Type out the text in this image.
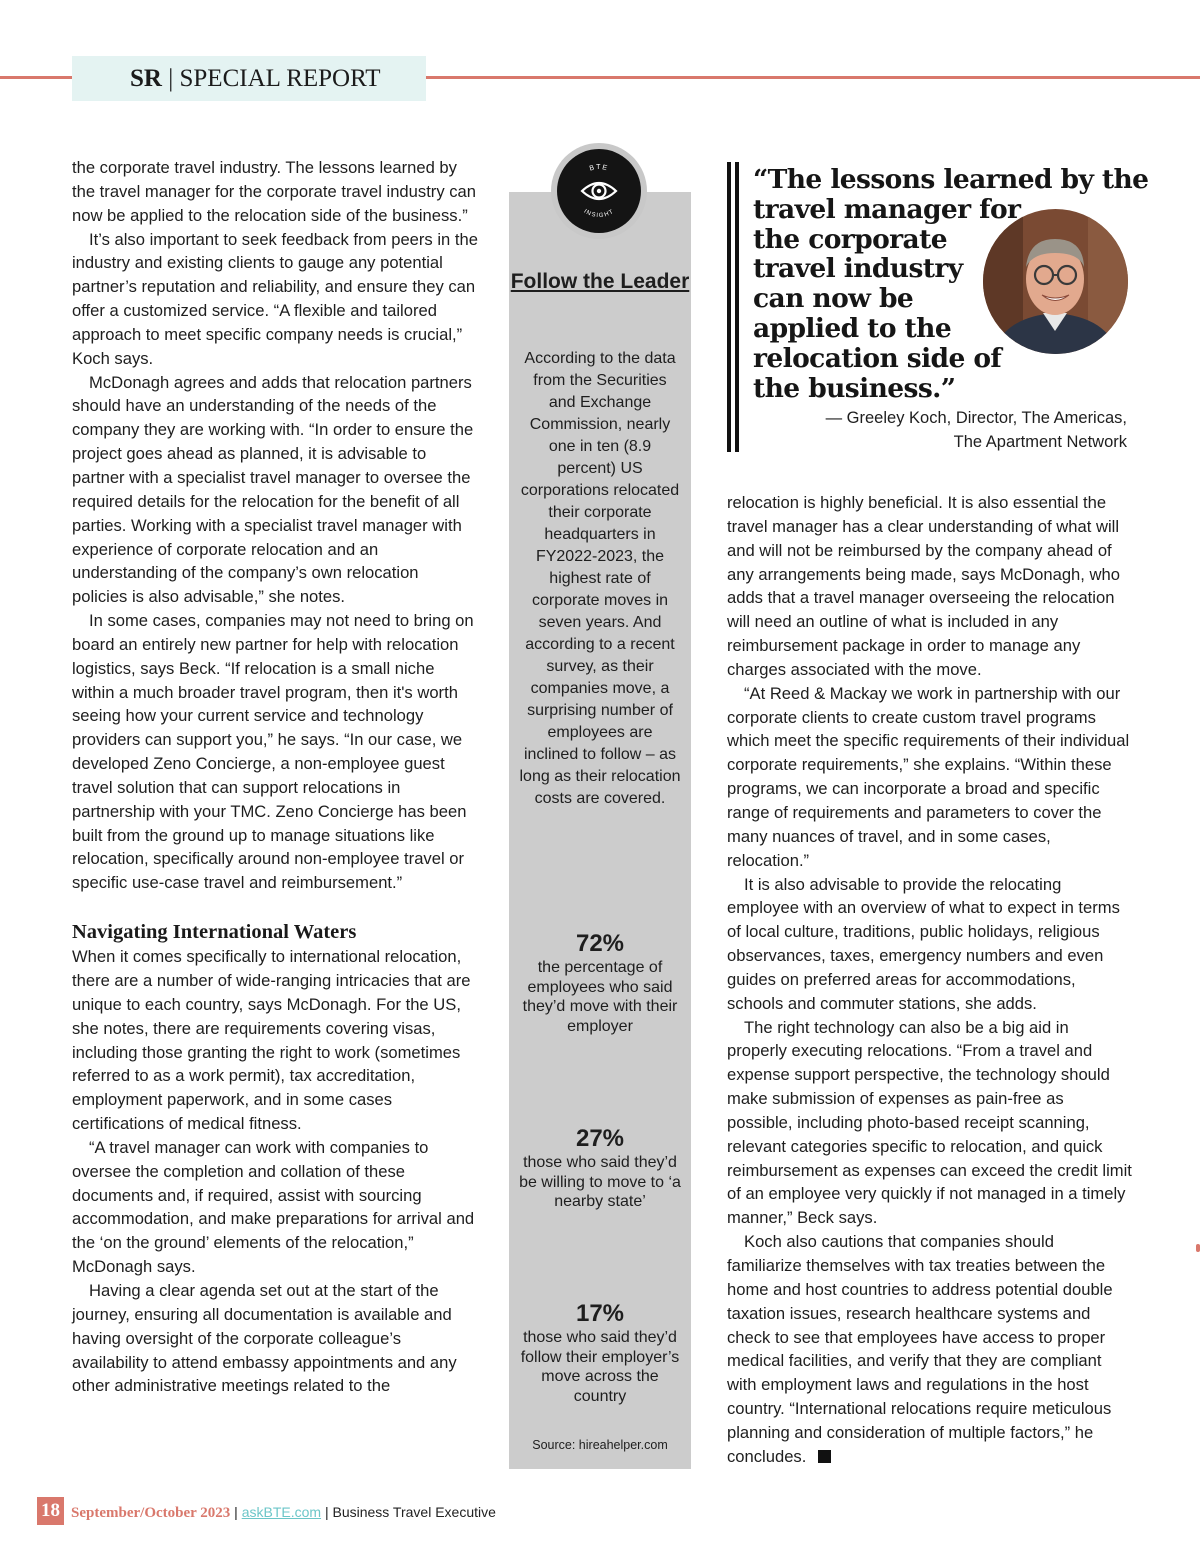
SR | SPECIAL REPORT

the corporate travel industry. The lessons learned by the travel manager for the corporate travel industry can now be applied to the relocation side of the business.”

It’s also important to seek feedback from peers in the industry and existing clients to gauge any potential partner’s reputation and reliability, and ensure they can offer a customized service. “A flexible and tailored approach to meet specific company needs is crucial,” Koch says.

McDonagh agrees and adds that relocation partners should have an understanding of the needs of the company they are working with. “In order to ensure the project goes ahead as planned, it is advisable to partner with a specialist travel manager to oversee the required details for the relocation for the benefit of all parties. Working with a specialist travel manager with experience of corporate relocation and an understanding of the company’s own relocation policies is also advisable,” she notes.

In some cases, companies may not need to bring on board an entirely new partner for help with relocation logistics, says Beck. “If relocation is a small niche within a much broader travel program, then it's worth seeing how your current service and technology providers can support you,” he says. “In our case, we developed Zeno Concierge, a non-employee guest travel solution that can support relocations in partnership with your TMC. Zeno Concierge has been built from the ground up to manage situations like relocation, specifically around non-employee travel or specific use-case travel and reimbursement.”

Navigating International Waters

When it comes specifically to international relocation, there are a number of wide-ranging intricacies that are unique to each country, says McDonagh. For the US, she notes, there are requirements covering visas, including those granting the right to work (sometimes referred to as a work permit), tax accreditation, employment paperwork, and in some cases certifications of medical fitness.

“A travel manager can work with companies to oversee the completion and collation of these documents and, if required, assist with sourcing accommodation, and make preparations for arrival and the ‘on the ground’ elements of the relocation,” McDonagh says.

Having a clear agenda set out at the start of the journey, ensuring all documentation is available and having oversight of the corporate colleague’s availability to attend embassy appointments and any other administrative meetings related to the

Follow the Leader
According to the data from the Securities and Exchange Commission, nearly one in ten (8.9 percent) US corporations relocated their corporate headquarters in FY2022-2023, the highest rate of corporate moves in seven years. And according to a recent survey, as their companies move, a surprising number of employees are inclined to follow – as long as their relocation costs are covered.
72%
the percentage of employees who said they’d move with their employer
27%
those who said they’d be willing to move to ‘a nearby state’
17%
those who said they’d follow their employer’s move across the country
Source: hireahelper.com
BTE
INSIGHT
“The lessons learned by the
travel manager for
the corporate
travel industry
can now be
applied to the
relocation side of
the business.”
— Greeley Koch, Director, The Americas,
The Apartment Network

relocation is highly beneficial. It is also essential the travel manager has a clear understanding of what will and will not be reimbursed by the company ahead of any arrangements being made, says McDonagh, who adds that a travel manager overseeing the relocation will need an outline of what is included in any reimbursement package in order to manage any charges associated with the move.

“At Reed & Mackay we work in partnership with our corporate clients to create custom travel programs which meet the specific requirements of their individual corporate requirements,” she explains. “Within these programs, we can incorporate a broad and specific range of requirements and parameters to cover the many nuances of travel, and in some cases, relocation.”

It is also advisable to provide the relocating employee with an overview of what to expect in terms of local culture, traditions, public holidays, religious observances, taxes, emergency numbers and even guides on preferred areas for accommodations, schools and commuter stations, she adds.

The right technology can also be a big aid in properly executing relocations. “From a travel and expense support perspective, the technology should make submission of expenses as pain-free as possible, including photo-based receipt scanning, relevant categories specific to relocation, and quick reimbursement as expenses can exceed the credit limit of an employee very quickly if not managed in a timely manner,” Beck says.

Koch also cautions that companies should familiarize themselves with tax treaties between the home and host countries to address potential double taxation issues, research healthcare systems and check to see that employees have access to proper medical facilities, and verify that they are compliant with employment laws and regulations in the host country. “International relocations require meticulous planning and consideration of multiple factors,” he concludes.

18 September/October 2023 | askBTE.com | Business Travel Executive
